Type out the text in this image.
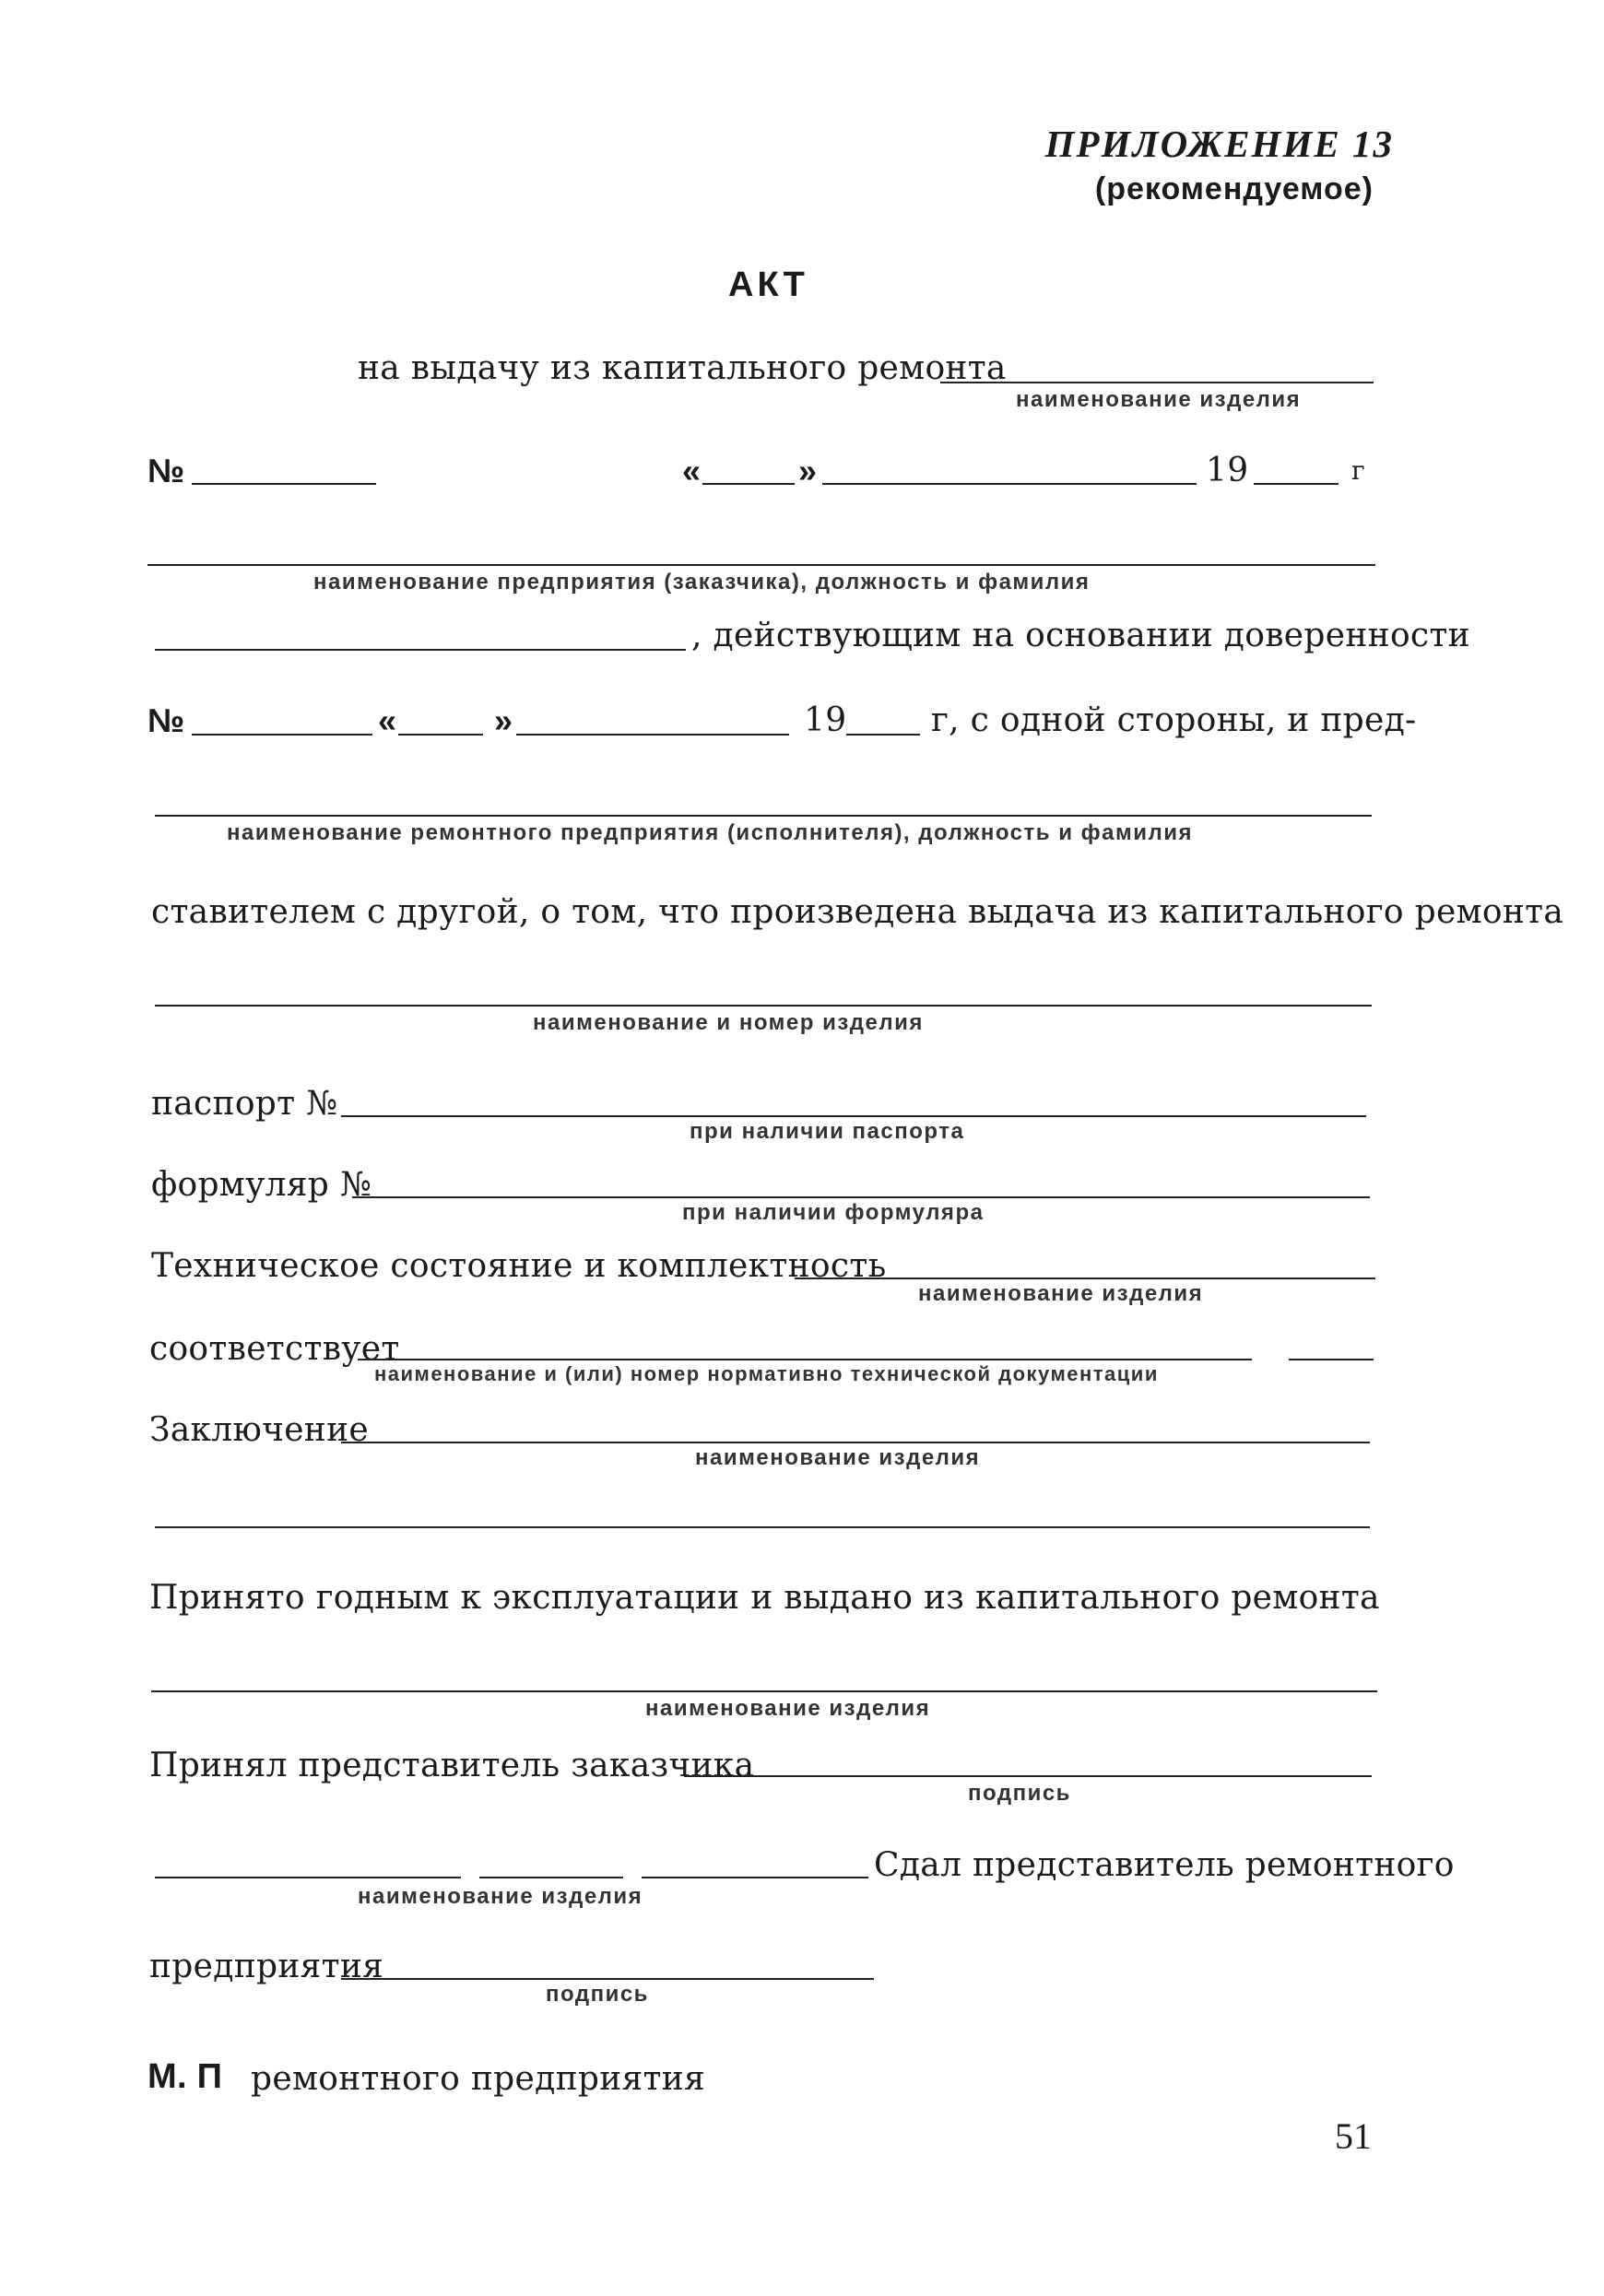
ПРИЛОЖЕНИЕ 13
(рекомендуемое)
АКТ
на выдачу из капитального ремонта
наименование изделия
№	«	»	19	г
наименование предприятия (заказчика), должность и фамилия
, действующим на основании доверенности
№	«	»	19	г, с одной стороны, и пред-
наименование ремонтного предприятия (исполнителя), должность и фамилия
ставителем с другой, о том, что произведена выдача из капитального ремонта
наименование и номер изделия
паспорт №
при наличии паспорта
формуляр №
при наличии формуляра
Техническое состояние и комплектность
наименование изделия
соответствует
наименование и (или) номер нормативно технической документации
Заключение
наименование изделия
Принято годным к эксплуатации и выдано из капитального ремонта
наименование изделия
Принял представитель заказчика
подпись
Сдал представитель ремонтного
наименование изделия
предприятия
подпись
М. П ремонтного предприятия
51
